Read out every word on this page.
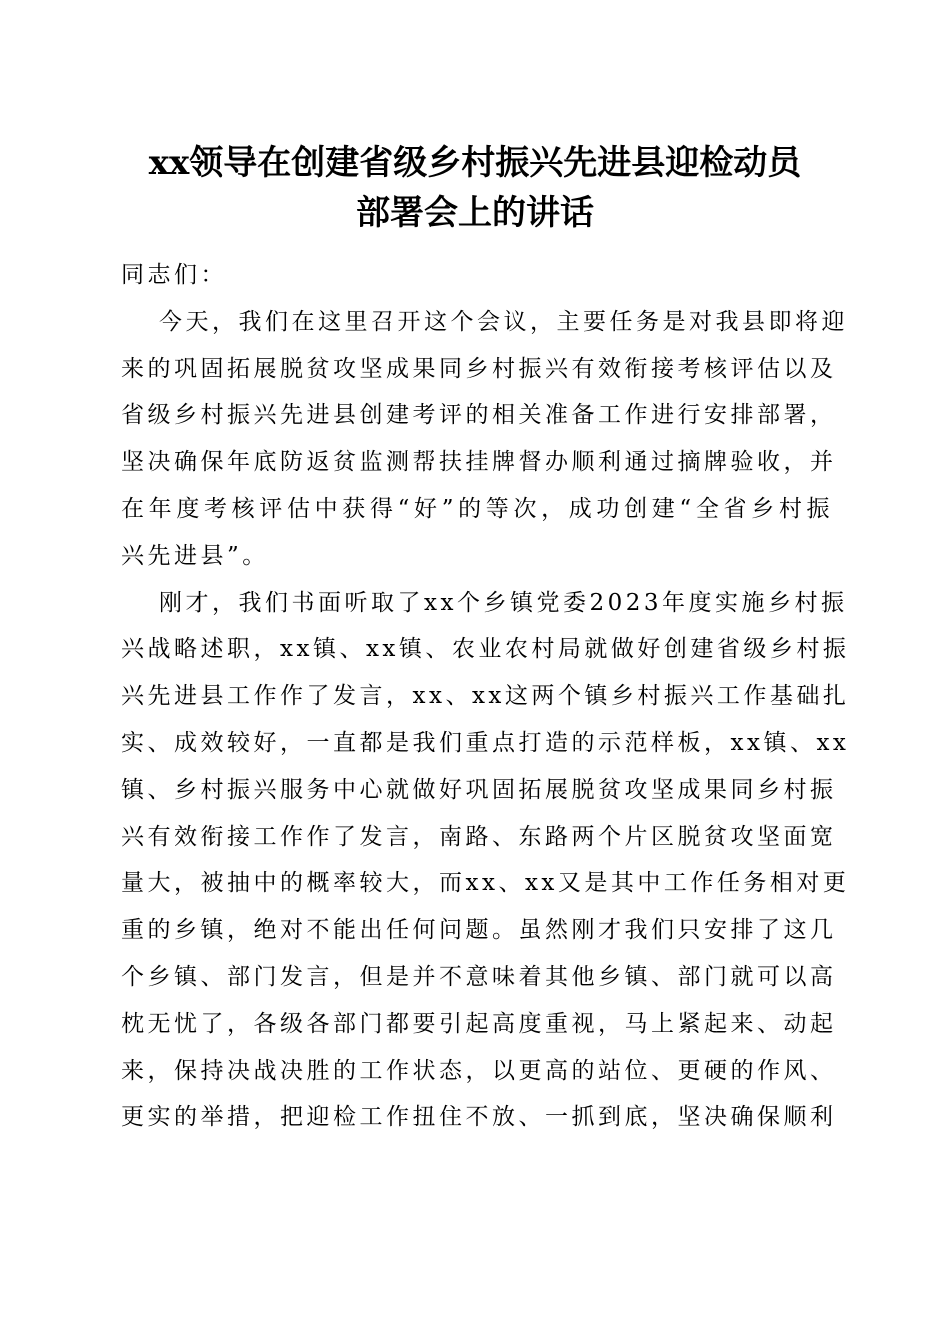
xx领导在创建省级乡村振兴先进县迎检动员
部署会上的讲话
同志们：
今天，我们在这里召开这个会议，主要任务是对我县即将迎
来的巩固拓展脱贫攻坚成果同乡村振兴有效衔接考核评估以及
省级乡村振兴先进县创建考评的相关准备工作进行安排部署，
坚决确保年底防返贫监测帮扶挂牌督办顺利通过摘牌验收，并
在年度考核评估中获得“好”的等次，成功创建“全省乡村振
兴先进县”。
刚才，我们书面听取了xx个乡镇党委2023年度实施乡村振
兴战略述职，xx镇、xx镇、农业农村局就做好创建省级乡村振
兴先进县工作作了发言，xx、xx这两个镇乡村振兴工作基础扎
实、成效较好，一直都是我们重点打造的示范样板，xx镇、xx
镇、乡村振兴服务中心就做好巩固拓展脱贫攻坚成果同乡村振
兴有效衔接工作作了发言，南路、东路两个片区脱贫攻坚面宽
量大，被抽中的概率较大，而xx、xx又是其中工作任务相对更
重的乡镇，绝对不能出任何问题。虽然刚才我们只安排了这几
个乡镇、部门发言，但是并不意味着其他乡镇、部门就可以高
枕无忧了，各级各部门都要引起高度重视，马上紧起来、动起
来，保持决战决胜的工作状态，以更高的站位、更硬的作风、
更实的举措，把迎检工作扭住不放、一抓到底，坚决确保顺利
